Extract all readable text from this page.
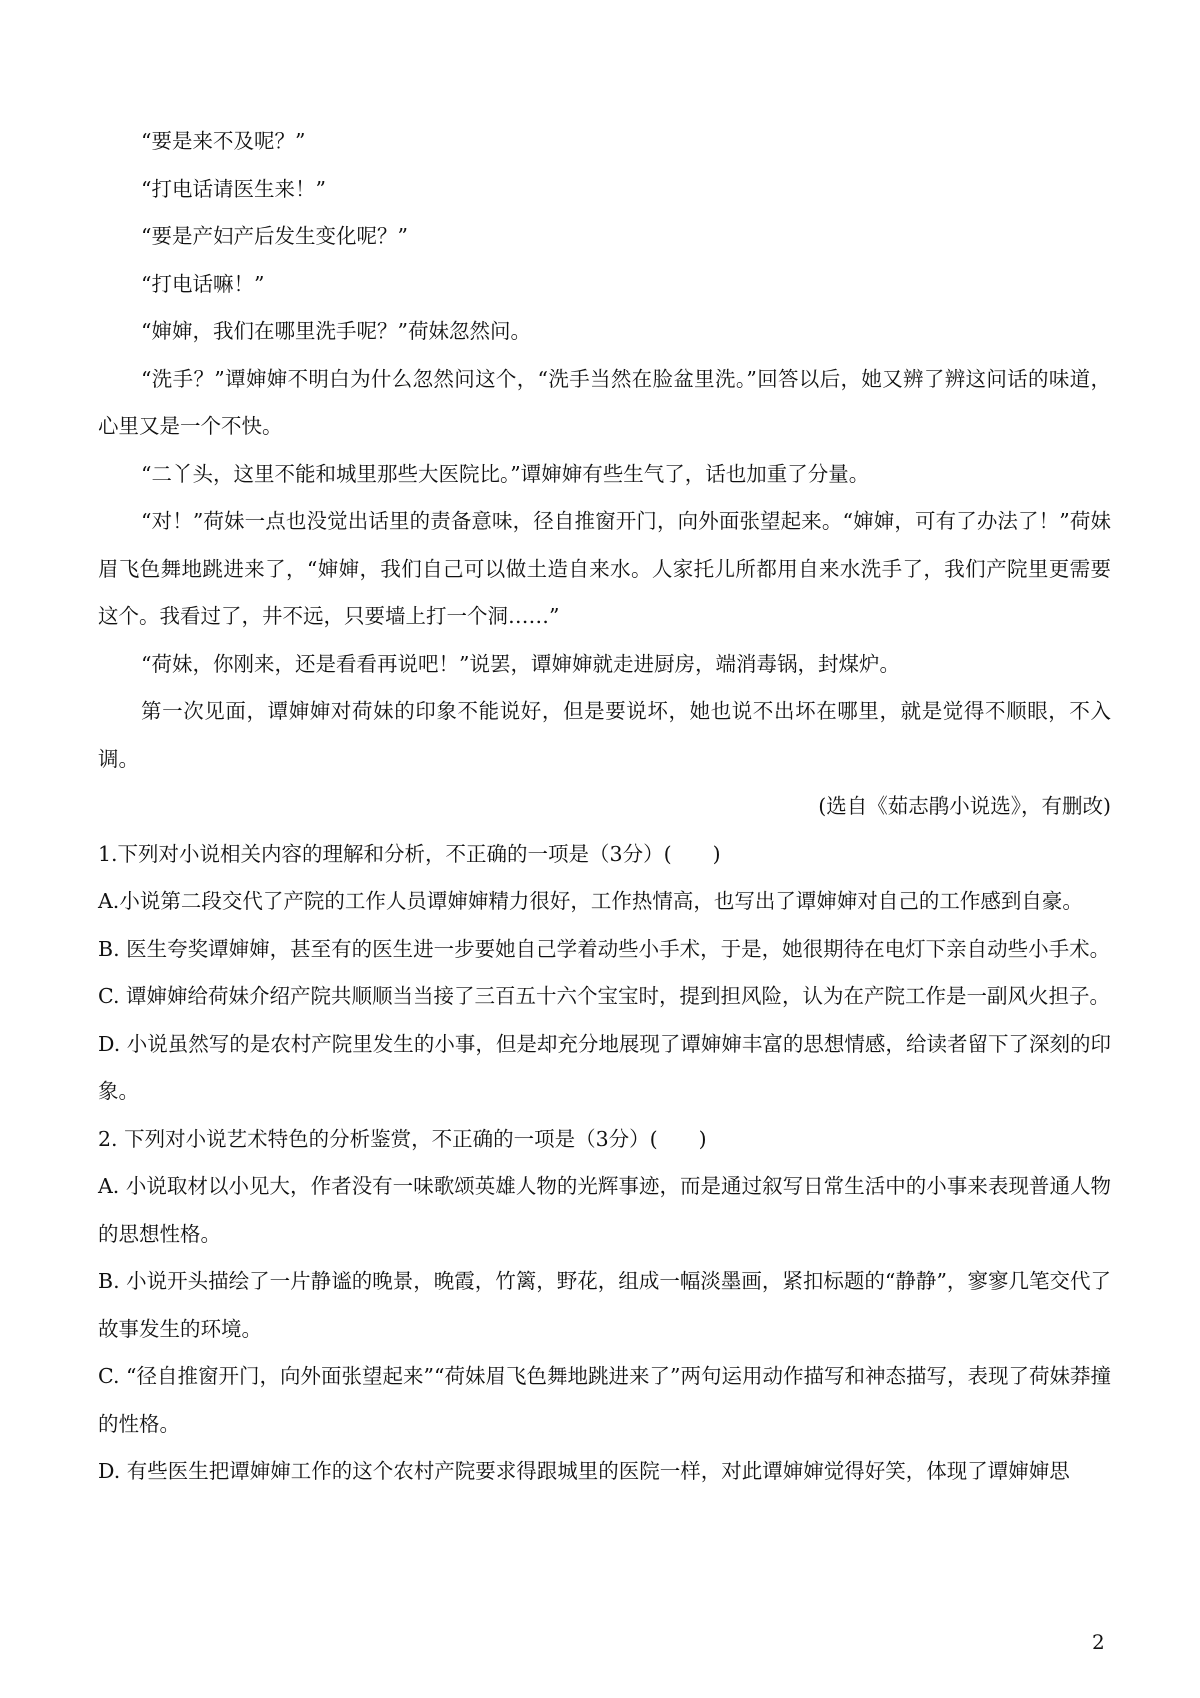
“要是来不及呢？”

“打电话请医生来！”

“要是产妇产后发生变化呢？”

“打电话嘛！”

“婶婶，我们在哪里洗手呢？”荷妹忽然问。

“洗手？”谭婶婶不明白为什么忽然问这个，“洗手当然在脸盆里洗。”回答以后，她又辨了辨这问话的味道，心里又是一个不快。

“二丫头，这里不能和城里那些大医院比。”谭婶婶有些生气了，话也加重了分量。

“对！”荷妹一点也没觉出话里的责备意味，径自推窗开门，向外面张望起来。“婶婶，可有了办法了！”荷妹眉飞色舞地跳进来了，“婶婶，我们自己可以做土造自来水。人家托儿所都用自来水洗手了，我们产院里更需要这个。我看过了，井不远，只要墙上打一个洞……”

“荷妹，你刚来，还是看看再说吧！”说罢，谭婶婶就走进厨房，端消毒锅，封煤炉。

第一次见面，谭婶婶对荷妹的印象不能说好，但是要说坏，她也说不出坏在哪里，就是觉得不顺眼，不入调。

(选自《茹志鹃小说选》，有删改)

1.下列对小说相关内容的理解和分析，不正确的一项是（3分）(　　)

A.小说第二段交代了产院的工作人员谭婶婶精力很好，工作热情高，也写出了谭婶婶对自己的工作感到自豪。

B. 医生夸奖谭婶婶，甚至有的医生进一步要她自己学着动些小手术，于是，她很期待在电灯下亲自动些小手术。

C. 谭婶婶给荷妹介绍产院共顺顺当当接了三百五十六个宝宝时，提到担风险，认为在产院工作是一副风火担子。

D. 小说虽然写的是农村产院里发生的小事，但是却充分地展现了谭婶婶丰富的思想情感，给读者留下了深刻的印象。

2. 下列对小说艺术特色的分析鉴赏，不正确的一项是（3分）(　　)

A. 小说取材以小见大，作者没有一味歌颂英雄人物的光辉事迹，而是通过叙写日常生活中的小事来表现普通人物的思想性格。

B. 小说开头描绘了一片静谧的晚景，晚霞，竹篱，野花，组成一幅淡墨画，紧扣标题的“静静”，寥寥几笔交代了故事发生的环境。

C. “径自推窗开门，向外面张望起来”“荷妹眉飞色舞地跳进来了”两句运用动作描写和神态描写，表现了荷妹莽撞的性格。

D. 有些医生把谭婶婶工作的这个农村产院要求得跟城里的医院一样，对此谭婶婶觉得好笑，体现了谭婶婶思

2
